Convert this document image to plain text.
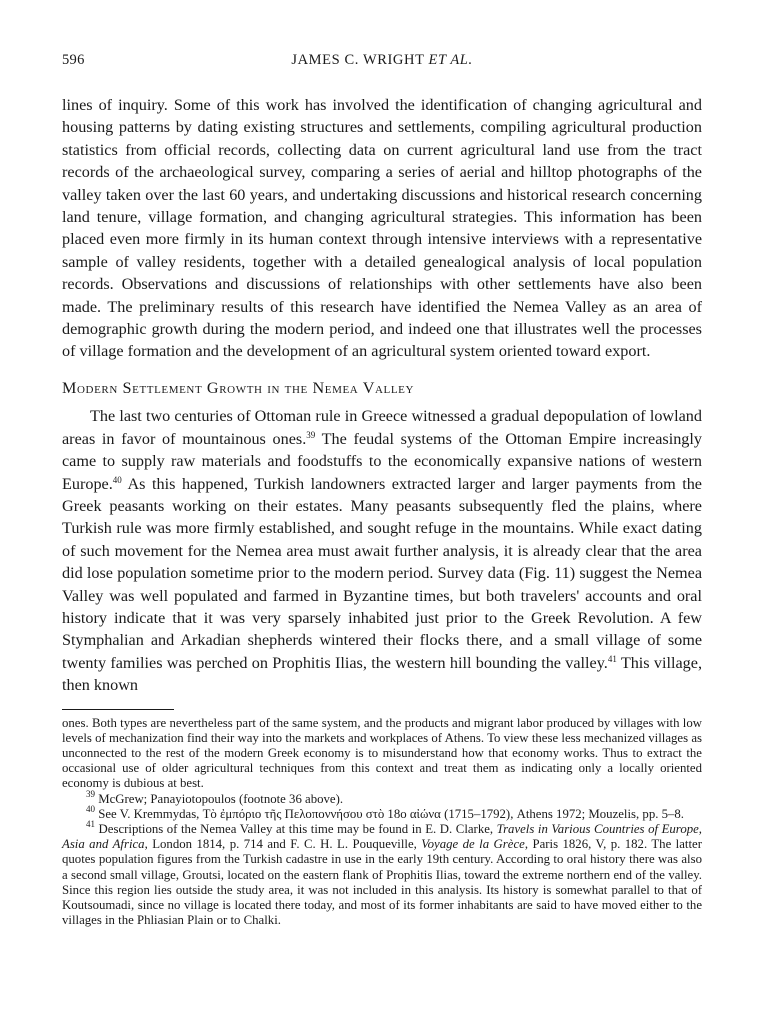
596	JAMES C. WRIGHT ET AL.

lines of inquiry. Some of this work has involved the identification of changing agricultural and housing patterns by dating existing structures and settlements, compiling agricultural production statistics from official records, collecting data on current agricultural land use from the tract records of the archaeological survey, comparing a series of aerial and hilltop photographs of the valley taken over the last 60 years, and undertaking discussions and historical research concerning land tenure, village formation, and changing agricultural strategies. This information has been placed even more firmly in its human context through intensive interviews with a representative sample of valley residents, together with a detailed genealogical analysis of local population records. Observations and discussions of relationships with other settlements have also been made. The preliminary results of this research have identified the Nemea Valley as an area of demographic growth during the modern period, and indeed one that illustrates well the processes of village formation and the development of an agricultural system oriented toward export.

Modern Settlement Growth in the Nemea Valley

The last two centuries of Ottoman rule in Greece witnessed a gradual depopulation of lowland areas in favor of mountainous ones.$^{39}$ The feudal systems of the Ottoman Empire increasingly came to supply raw materials and foodstuffs to the economically expansive nations of western Europe.$^{40}$ As this happened, Turkish landowners extracted larger and larger payments from the Greek peasants working on their estates. Many peasants subsequently fled the plains, where Turkish rule was more firmly established, and sought refuge in the mountains. While exact dating of such movement for the Nemea area must await further analysis, it is already clear that the area did lose population sometime prior to the modern period. Survey data (Fig. 11) suggest the Nemea Valley was well populated and farmed in Byzantine times, but both travelers' accounts and oral history indicate that it was very sparsely inhabited just prior to the Greek Revolution. A few Stymphalian and Arkadian shepherds wintered their flocks there, and a small village of some twenty families was perched on Prophitis Ilias, the western hill bounding the valley.$^{41}$ This village, then known

ones. Both types are nevertheless part of the same system, and the products and migrant labor produced by villages with low levels of mechanization find their way into the markets and workplaces of Athens. To view these less mechanized villages as unconnected to the rest of the modern Greek economy is to misunderstand how that economy works. Thus to extract the occasional use of older agricultural techniques from this context and treat them as indicating only a locally oriented economy is dubious at best.

$^{39}$ McGrew; Panayiotopoulos (footnote 36 above).

$^{40}$ See V. Kremmydas, Τὸ ἐμπόριο τῆς Πελοποννήσου στὸ 18ο αἰώνα (1715–1792), Athens 1972; Mouzelis, pp. 5–8.

$^{41}$ Descriptions of the Nemea Valley at this time may be found in E. D. Clarke, Travels in Various Countries of Europe, Asia and Africa, London 1814, p. 714 and F. C. H. L. Pouqueville, Voyage de la Grèce, Paris 1826, V, p. 182. The latter quotes population figures from the Turkish cadastre in use in the early 19th century. According to oral history there was also a second small village, Groutsi, located on the eastern flank of Prophitis Ilias, toward the extreme northern end of the valley. Since this region lies outside the study area, it was not included in this analysis. Its history is somewhat parallel to that of Koutsoumadi, since no village is located there today, and most of its former inhabitants are said to have moved either to the villages in the Phliasian Plain or to Chalki.
